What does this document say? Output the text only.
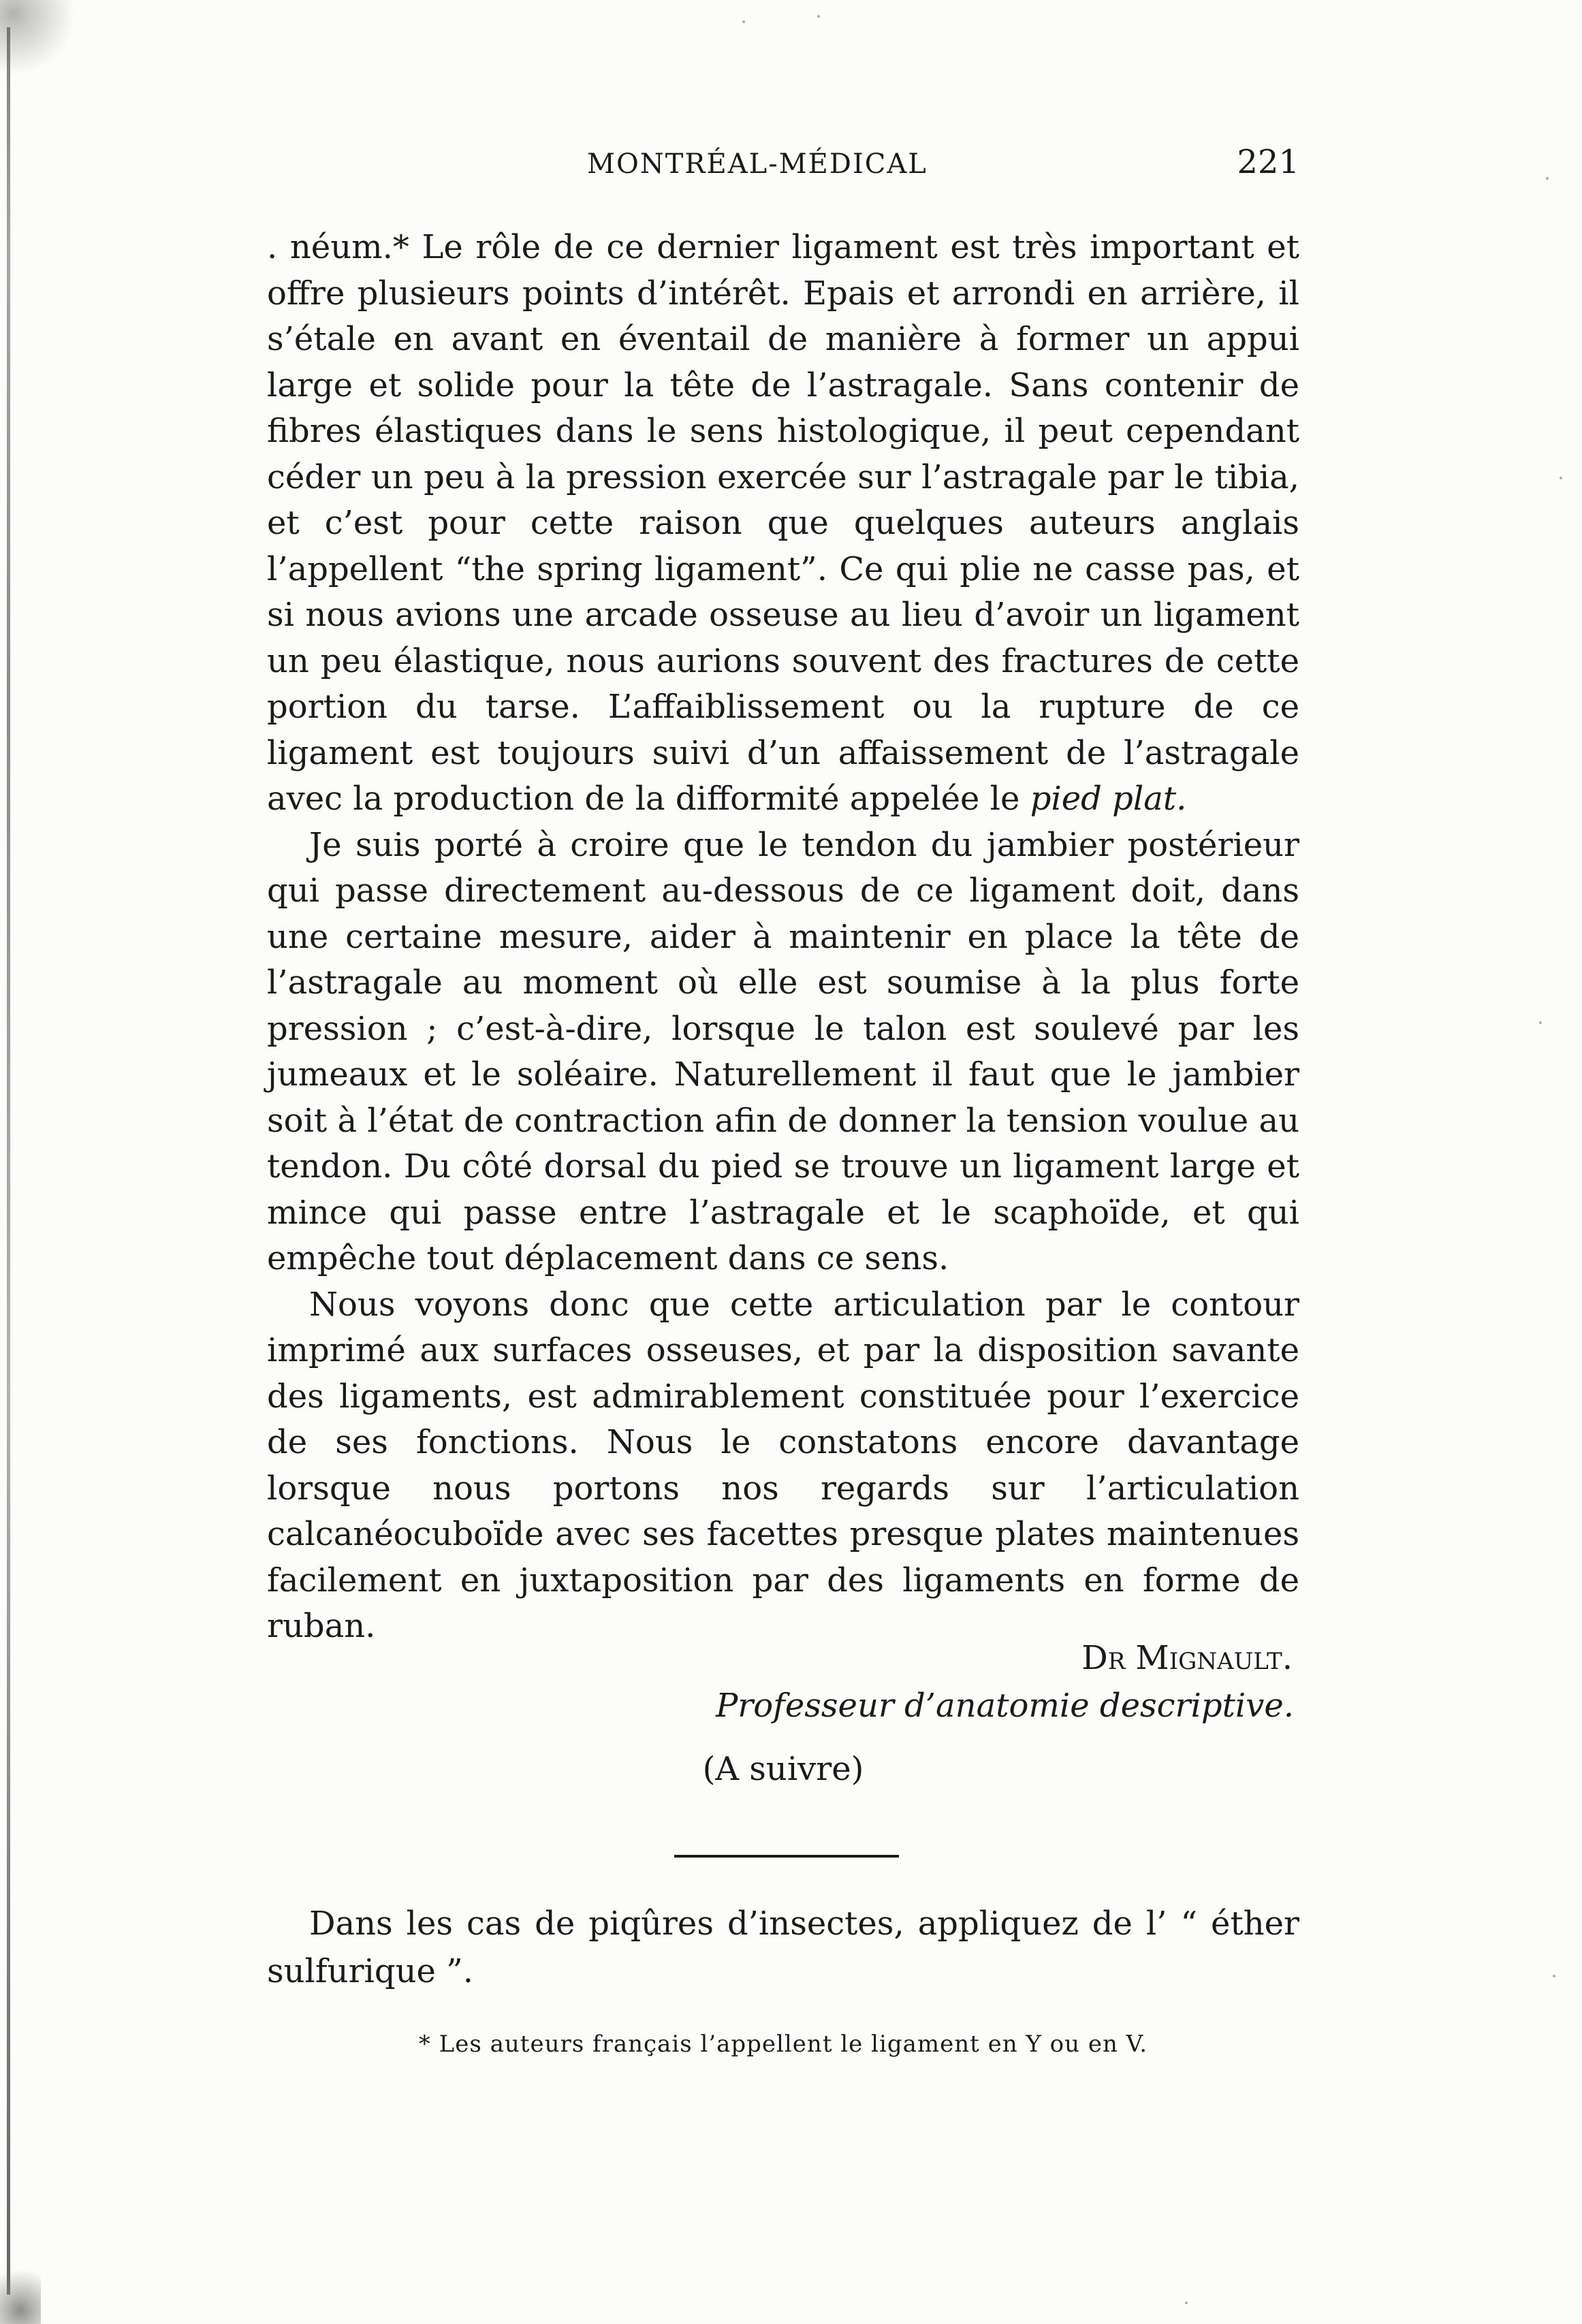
MONTRÉAL-MÉDICAL	221

. néum.* Le rôle de ce dernier ligament est très important et offre plusieurs points d’intérêt. Epais et arrondi en arrière, il s’étale en avant en éventail de manière à former un appui large et solide pour la tête de l’astragale. Sans contenir de fibres élastiques dans le sens histologique, il peut cependant céder un peu à la pression exercée sur l’astragale par le tibia, et c’est pour cette raison que quelques auteurs anglais l’appellent “the spring ligament”. Ce qui plie ne casse pas, et si nous avions une arcade osseuse au lieu d’avoir un ligament un peu élastique, nous aurions souvent des fractures de cette portion du tarse. L’affaiblissement ou la rupture de ce ligament est toujours suivi d’un affaissement de l’astragale avec la production de la difformité appelée le pied plat.

Je suis porté à croire que le tendon du jambier postérieur qui passe directement au-dessous de ce ligament doit, dans une certaine mesure, aider à maintenir en place la tête de l’astragale au moment où elle est soumise à la plus forte pression ; c’est-à-dire, lorsque le talon est soulevé par les jumeaux et le soléaire. Naturellement il faut que le jambier soit à l’état de contraction afin de donner la tension voulue au tendon. Du côté dorsal du pied se trouve un ligament large et mince qui passe entre l’astragale et le scaphoïde, et qui empêche tout déplacement dans ce sens.

Nous voyons donc que cette articulation par le contour imprimé aux surfaces osseuses, et par la disposition savante des ligaments, est admirablement constituée pour l’exercice de ses fonctions. Nous le constatons encore davantage lorsque nous portons nos regards sur l’articulation calcanéocuboïde avec ses facettes presque plates maintenues facilement en juxtaposition par des ligaments en forme de ruban.

Dr Mignault.
Professeur d’anatomie descriptive.
(A suivre)
Dans les cas de piqûres d’insectes, appliquez de l’ “ éther sulfurique ”.
* Les auteurs français l’appellent le ligament en Y ou en V.
